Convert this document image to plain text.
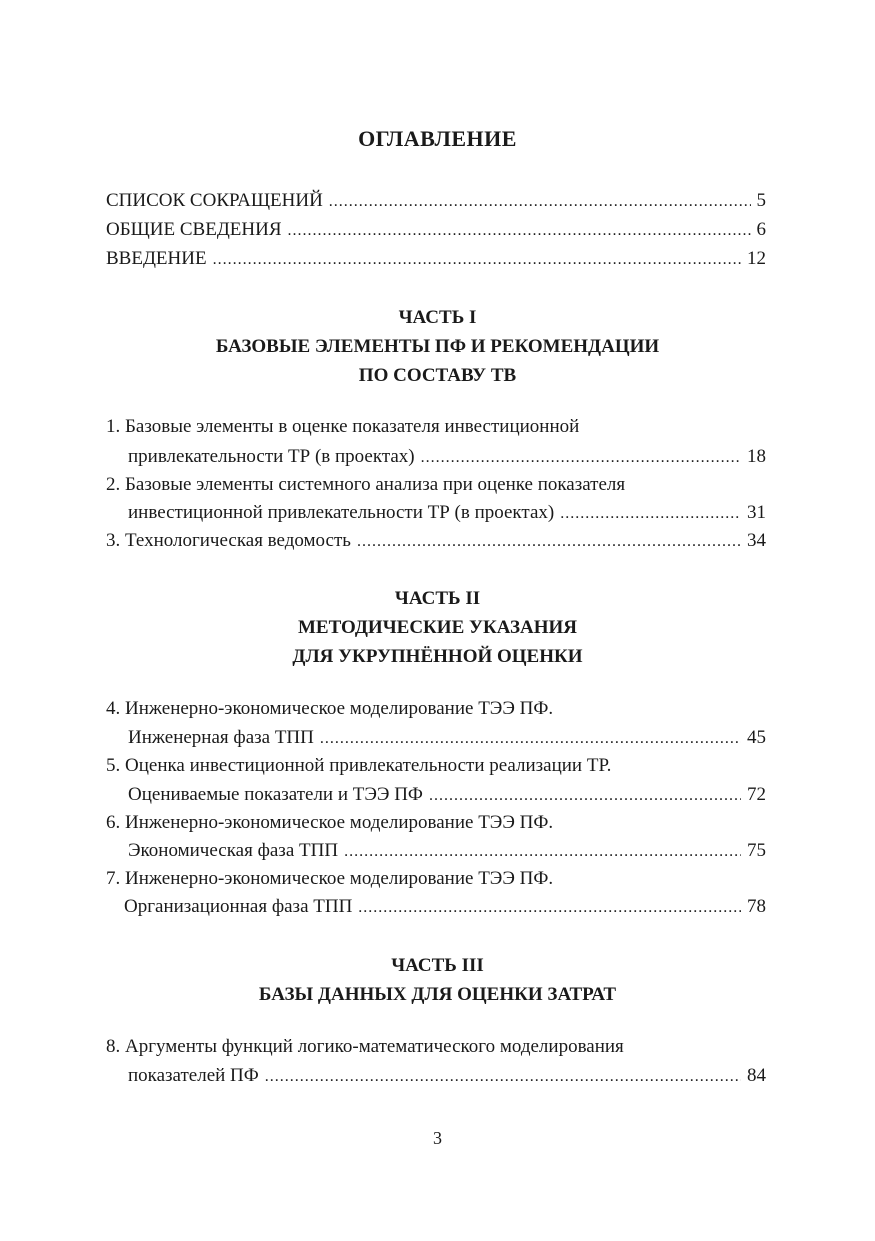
ОГЛАВЛЕНИЕ
СПИСОК СОКРАЩЕНИЙ .....	5
ОБЩИЕ СВЕДЕНИЯ .....	6
ВВЕДЕНИЕ .....	12
ЧАСТЬ I
БАЗОВЫЕ ЭЛЕМЕНТЫ ПФ И РЕКОМЕНДАЦИИ
ПО СОСТАВУ ТВ
1. Базовые элементы в оценке показателя инвестиционной
привлекательности ТР (в проектах) .....	18
2. Базовые элементы системного анализа при оценке показателя
инвестиционной привлекательности ТР (в проектах) .....	31
3. Технологическая ведомость .....	34
ЧАСТЬ II
МЕТОДИЧЕСКИЕ УКАЗАНИЯ
ДЛЯ УКРУПНЁННОЙ ОЦЕНКИ
4. Инженерно-экономическое моделирование ТЭЭ ПФ.
Инженерная фаза ТПП .....	45
5. Оценка инвестиционной привлекательности реализации ТР.
Оцениваемые показатели и ТЭЭ ПФ .....	72
6. Инженерно-экономическое моделирование ТЭЭ ПФ.
Экономическая фаза ТПП .....	75
7. Инженерно-экономическое моделирование ТЭЭ ПФ.
Организационная фаза ТПП .....	78
ЧАСТЬ III
БАЗЫ ДАННЫХ ДЛЯ ОЦЕНКИ ЗАТРАТ
8. Аргументы функций логико-математического моделирования
показателей ПФ .....	84
3
